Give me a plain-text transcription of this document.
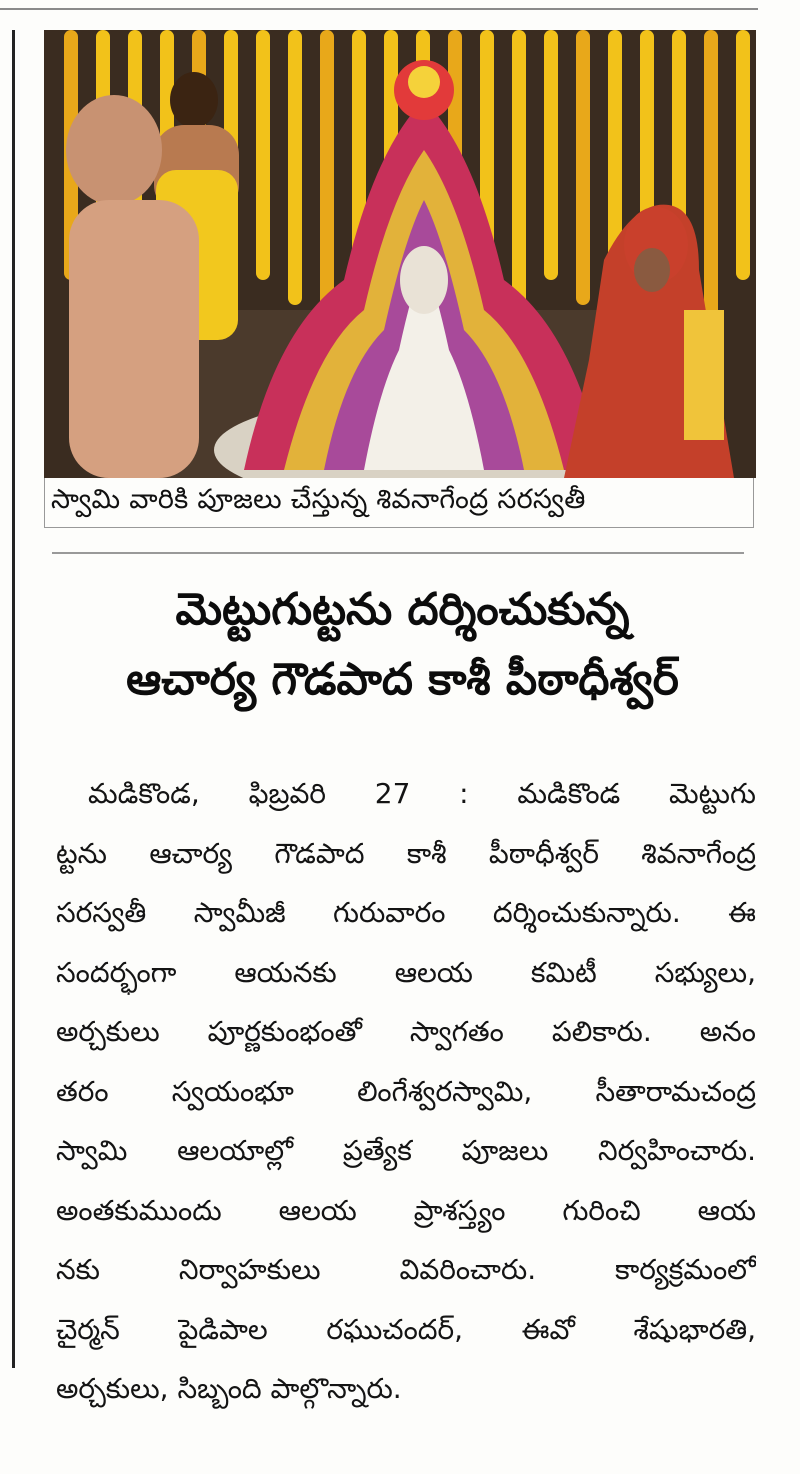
స్వామి వారికి పూజలు చేస్తున్న శివనాగేంద్ర సరస్వతీ
మెట్టుగుట్టను దర్శించుకున్న
ఆచార్య గౌడపాద కాశీ పీఠాధీశ్వర్
మడికొండ, ఫిబ్రవరి 27 : మడికొండ మెట్టుగు
ట్టను ఆచార్య గౌడపాద కాశీ పీఠాధీశ్వర్ శివనాగేంద్ర
సరస్వతీ స్వామీజీ గురువారం దర్శించుకున్నారు. ఈ
సందర్భంగా ఆయనకు ఆలయ కమిటీ సభ్యులు,
అర్చకులు పూర్ణకుంభంతో స్వాగతం పలికారు. అనం
తరం స్వయంభూ లింగేశ్వరస్వామి, సీతారామచంద్ర
స్వామి ఆలయాల్లో ప్రత్యేక పూజలు నిర్వహించారు.
అంతకుముందు ఆలయ ప్రాశస్త్యం గురించి ఆయ
నకు నిర్వాహకులు వివరించారు. కార్యక్రమంలో
చైర్మన్ పైడిపాల రఘుచందర్, ఈవో శేషుభారతి,
అర్చకులు, సిబ్బంది పాల్గొన్నారు.
